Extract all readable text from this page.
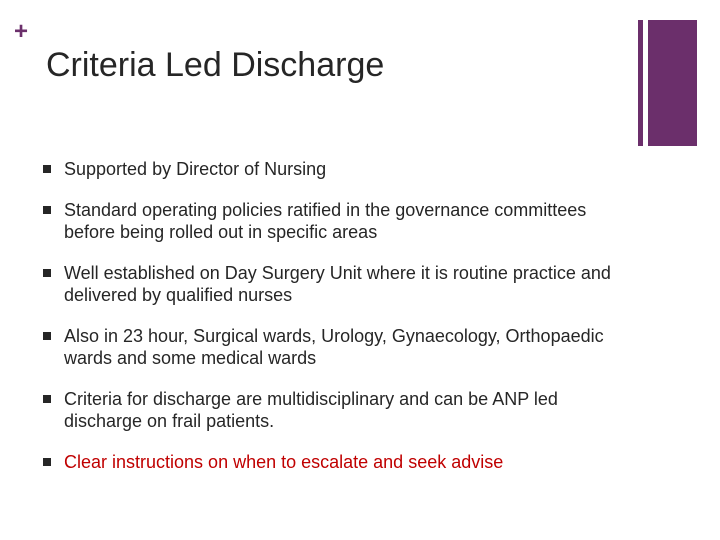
+
Criteria Led Discharge
Supported by Director of Nursing
Standard operating policies ratified in the governance committees before being rolled out in specific areas
Well established on Day Surgery Unit where it is routine practice and delivered by qualified nurses
Also in 23 hour, Surgical wards, Urology, Gynaecology, Orthopaedic wards and some medical wards
Criteria for discharge are multidisciplinary and can be ANP led discharge on frail patients.
Clear instructions on when to escalate and seek advise
